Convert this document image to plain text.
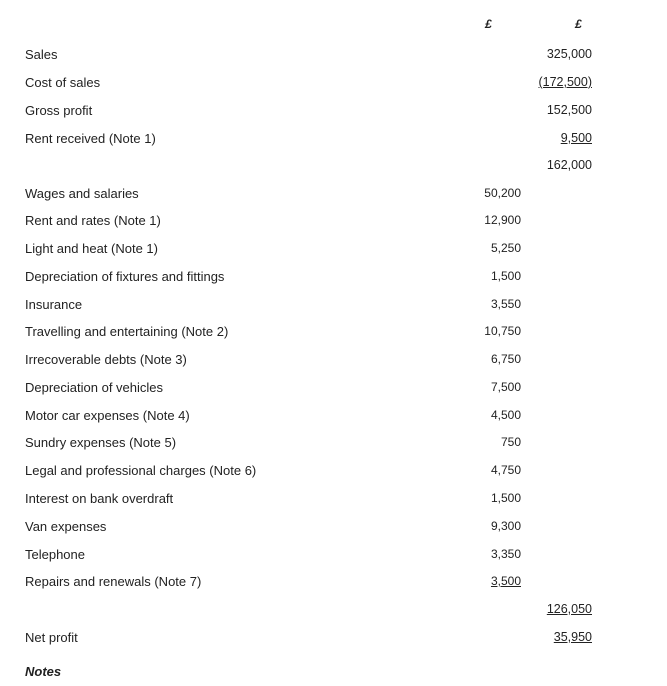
£	£
Sales	325,000
Cost of sales	(172,500)
Gross profit	152,500
Rent received (Note 1)	9,500
162,000
Wages and salaries	50,200
Rent and rates (Note 1)	12,900
Light and heat (Note 1)	5,250
Depreciation of fixtures and fittings	1,500
Insurance	3,550
Travelling and entertaining (Note 2)	10,750
Irrecoverable debts (Note 3)	6,750
Depreciation of vehicles	7,500
Motor car expenses (Note 4)	4,500
Sundry expenses (Note 5)	750
Legal and professional charges (Note 6)	4,750
Interest on bank overdraft	1,500
Van expenses	9,300
Telephone	3,350
Repairs and renewals (Note 7)	3,500
126,050
Net profit	35,950
Notes
